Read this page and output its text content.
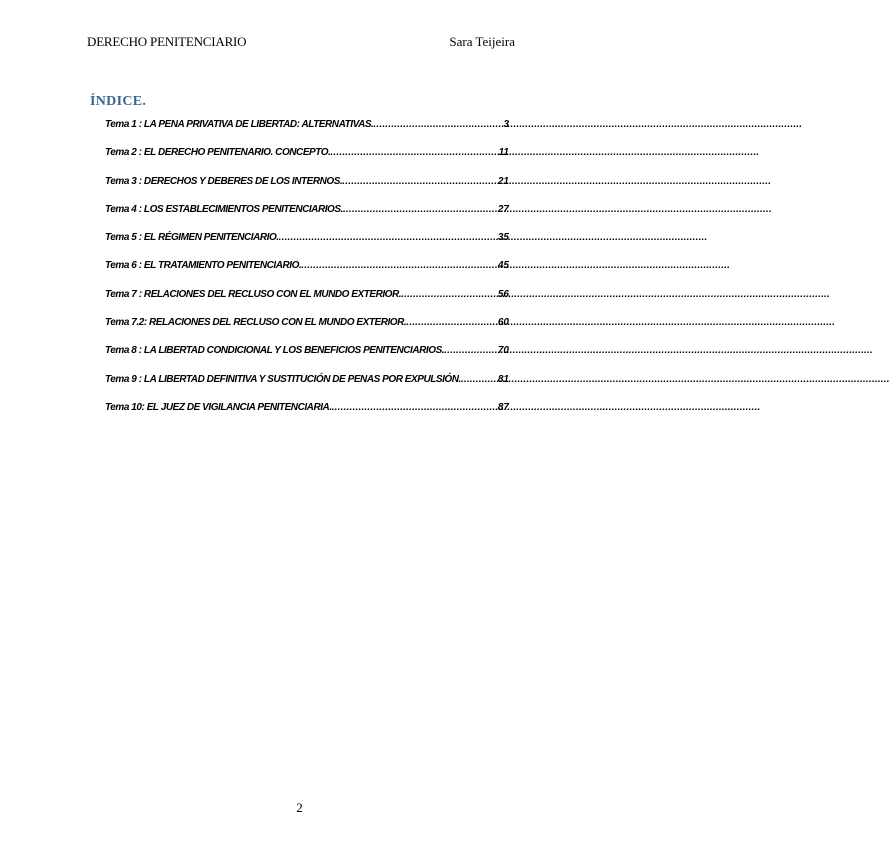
DERECHO PENITENCIARIO	Sara Teijeira
ÍNDICE.
Tema 1 : LA PENA PRIVATIVA DE LIBERTAD: ALTERNATIVAS. .....	3
Tema 2 : EL DERECHO PENITENARIO. CONCEPTO. .....	11
Tema 3 : DERECHOS Y DEBERES DE LOS INTERNOS. .....	21
Tema 4 : LOS ESTABLECIMIENTOS PENITENCIARIOS. .....	27
Tema 5 : EL RÉGIMEN PENITENCIARIO. .....	35
Tema 6 : EL TRATAMIENTO PENITENCIARIO. .....	45
Tema 7 : RELACIONES DEL RECLUSO CON EL MUNDO EXTERIOR. .....	56
Tema 7.2: RELACIONES DEL RECLUSO CON EL MUNDO EXTERIOR. .....	60
Tema 8 : LA LIBERTAD CONDICIONAL Y LOS BENEFICIOS PENITENCIARIOS. .....	70
Tema 9 : LA LIBERTAD DEFINITIVA Y SUSTITUCIÓN DE PENAS POR EXPULSIÓN. .....	81
Tema 10: EL JUEZ DE VIGILANCIA PENITENCIARIA. .....	87
2
